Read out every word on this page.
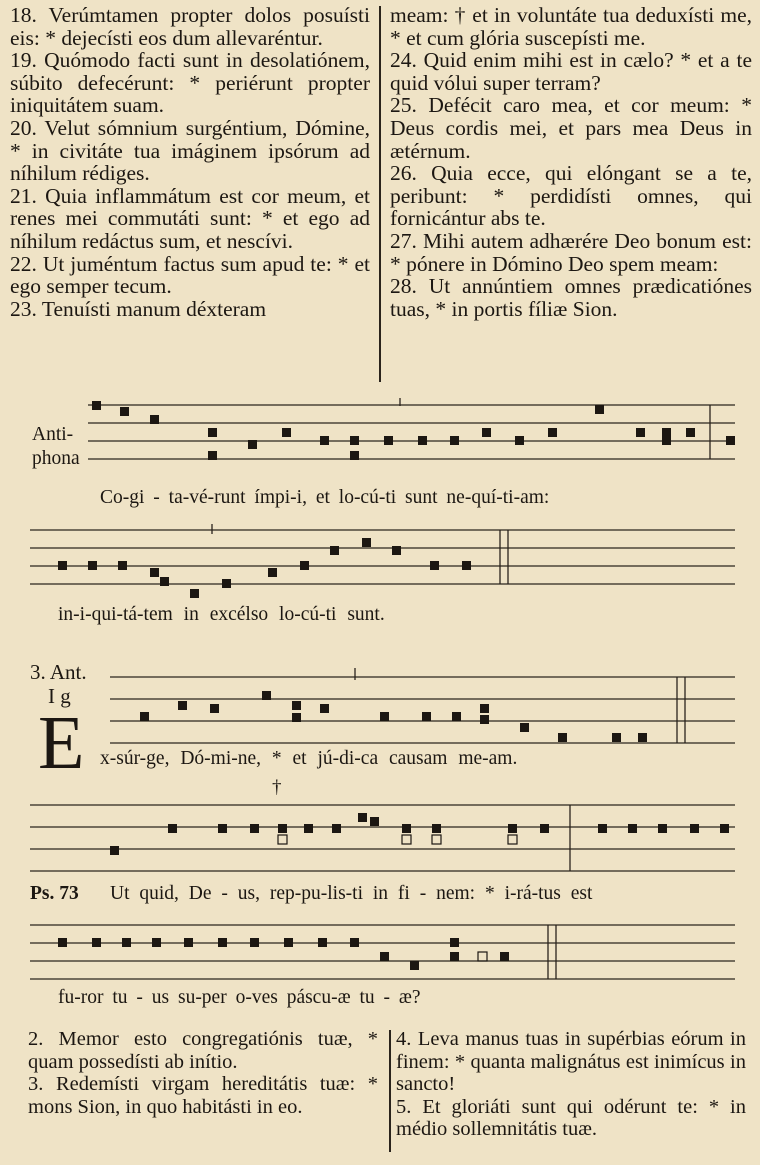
18. Verúmtamen propter dolos posuísti eis: * dejecísti eos dum allevaréntur.

19. Quómodo facti sunt in desolatiónem, súbito defecérunt: * periérunt propter iniquitátem suam.

20. Velut sómnium surgéntium, Dómine, * in civitáte tua imáginem ipsórum ad níhilum rédiges.

21. Quia inflammátum est cor meum, et renes mei commutáti sunt: * et ego ad níhilum redáctus sum, et nescívi.

22. Ut juméntum factus sum apud te: * et ego semper tecum.

23. Tenuísti manum déxteram

meam: † et in voluntáte tua deduxísti me, * et cum glória suscepísti me.

24. Quid enim mihi est in cælo? * et a te quid vólui super terram?

25. Defécit caro mea, et cor meum: * Deus cordis mei, et pars mea Deus in ætérnum.

26. Quia ecce, qui elóngant se a te, peribunt: * perdidísti omnes, qui fornicántur abs te.

27. Mihi autem adhærére Deo bonum est: * pónere in Dómino Deo spem meam:

28. Ut annúntiem omnes prædicatiónes tuas, * in portis fíliæ Sion.

Anti-
phona
Co-gi - ta-vé-runt ímpi-i, et lo-cú-ti sunt ne-quí-ti-am:
in-i-qui-tá-tem in excélso lo-cú-ti sunt.
3. Ant.
I g
E x-súr-ge, Dó-mi-ne, * et jú-di-ca causam me-am.
†
Ps. 73 Ut quid, De - us, rep-pu-lis-ti in fi - nem: * i-rá-tus est
fu-ror tu - us su-per o-ves páscu-æ tu - æ?

2. Memor esto congregatiónis tuæ, * quam possedísti ab inítio.

3. Redemísti virgam hereditátis tuæ: * mons Sion, in quo habitásti in eo.

4. Leva manus tuas in supérbias eórum in finem: * quanta malignátus est inimícus in sancto!

5. Et gloriáti sunt qui odérunt te: * in médio sollemnitátis tuæ.
